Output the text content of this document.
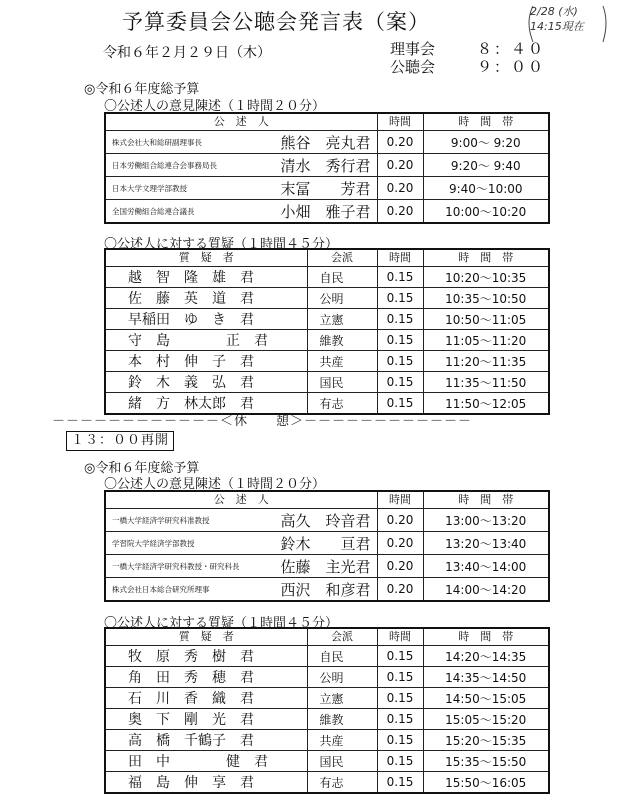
予算委員会公聴会発言表（案）
令和６年２月２９日（木）	理事会	８：４０
公聴会	９：００
2/28 (水)
14:15現在
◎令和６年度総予算
〇公述人の意見陳述（１時間２０分）
公　述　人	時間	時　間　帯

株式会社大和総研副理事長 熊谷　亮丸君	0.20	9:00～ 9:20

日本労働組合総連合会事務局長 清水　秀行君	0.20	9:20～ 9:40

日本大学文理学部教授 末冨　　芳君	0.20	9:40～10:00

全国労働組合総連合議長 小畑　雅子君	0.20	10:00～10:20
〇公述人に対する質疑（１時間４５分）
質　疑　者	会派	時間	時　間　帯
越　智　隆　雄　君	自民	0.15	10:20～10:35
佐　藤　英　道　君	公明	0.15	10:35～10:50
早稲田　ゆ　き　君	立憲	0.15	10:50～11:05
守　島　　　　正　君	維教	0.15	11:05～11:20
本　村　伸　子　君	共産	0.15	11:20～11:35
鈴　木　義　弘　君	国民	0.15	11:35～11:50
緒　方　林太郎　君	有志	0.15	11:50～12:05
－－－－－－－－－－－－＜休　　憩＞－－－－－－－－－－－－
１３：００再開
◎令和６年度総予算
〇公述人の意見陳述（１時間２０分）
公　述　人	時間	時　間　帯

一橋大学経済学研究科准教授 高久　玲音君	0.20	13:00～13:20

学習院大学経済学部教授 鈴木　　亘君	0.20	13:20～13:40

一橋大学経済学研究科教授・研究科長 佐藤　主光君	0.20	13:40～14:00

株式会社日本総合研究所理事 西沢　和彦君	0.20	14:00～14:20
〇公述人に対する質疑（１時間４５分）
質　疑　者	会派	時間	時　間　帯
牧　原　秀　樹　君	自民	0.15	14:20～14:35
角　田　秀　穂　君	公明	0.15	14:35～14:50
石　川　香　織　君	立憲	0.15	14:50～15:05
奥　下　剛　光　君	維教	0.15	15:05～15:20
高　橋　千鶴子　君	共産	0.15	15:20～15:35
田　中　　　　健　君	国民	0.15	15:35～15:50
福　島　伸　享　君	有志	0.15	15:50～16:05
